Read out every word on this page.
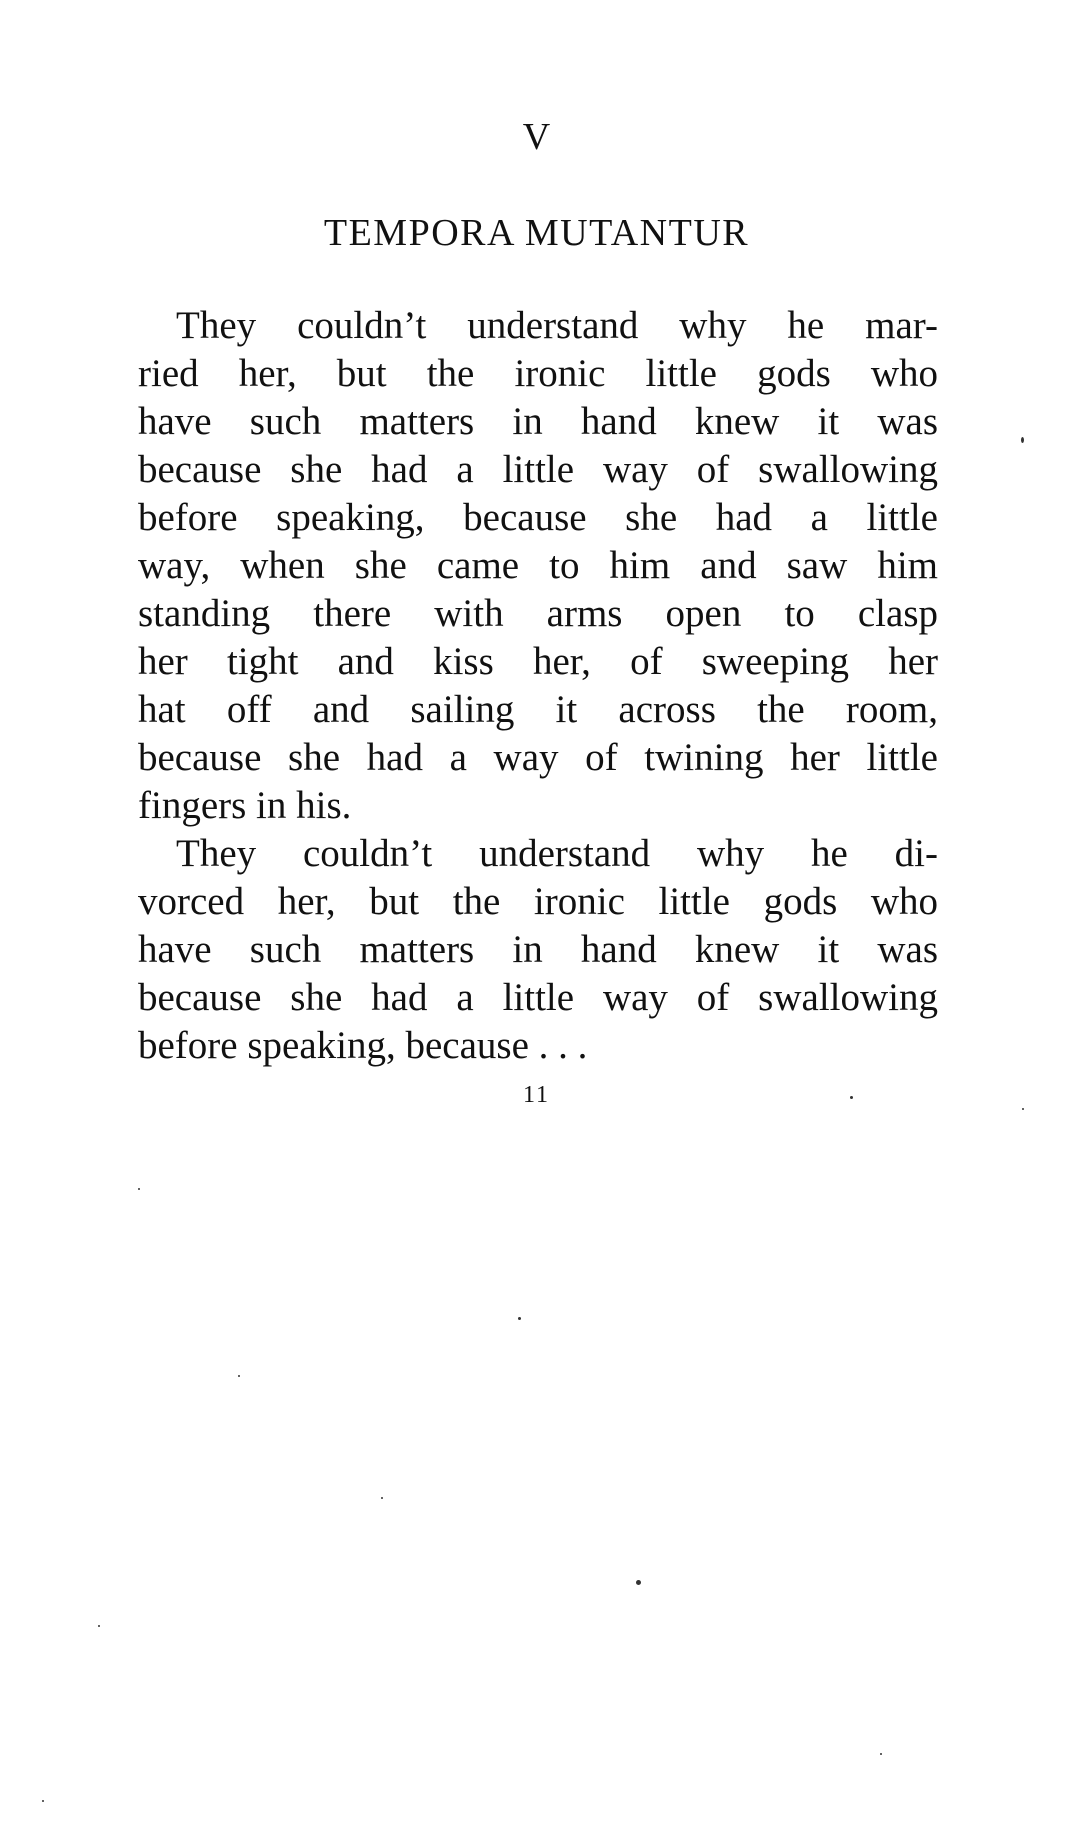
V
TEMPORA MUTANTUR
They couldn’t understand why he mar-
ried her, but the ironic little gods who
have such matters in hand knew it was
because she had a little way of swallowing
before speaking, because she had a little
way, when she came to him and saw him
standing there with arms open to clasp
her tight and kiss her, of sweeping her
hat off and sailing it across the room,
because she had a way of twining her little
fingers in his.
They couldn’t understand why he di-
vorced her, but the ironic little gods who
have such matters in hand knew it was
because she had a little way of swallowing
before speaking, because . . .
11
